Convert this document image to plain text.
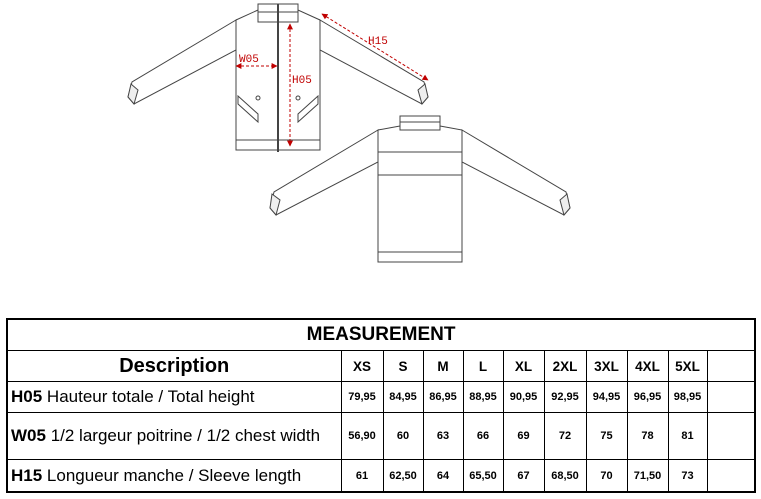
W05
H05
H15
MEASUREMENT										
Description	XS	S	M	L	XL	2XL	3XL	4XL	5XL	
H05 Hauteur totale / Total height	79,95	84,95	86,95	88,95	90,95	92,95	94,95	96,95	98,95	
W05 1/2 largeur poitrine / 1/2 chest width	56,90	60	63	66	69	72	75	78	81	
H15 Longueur manche / Sleeve length	61	62,50	64	65,50	67	68,50	70	71,50	73	
